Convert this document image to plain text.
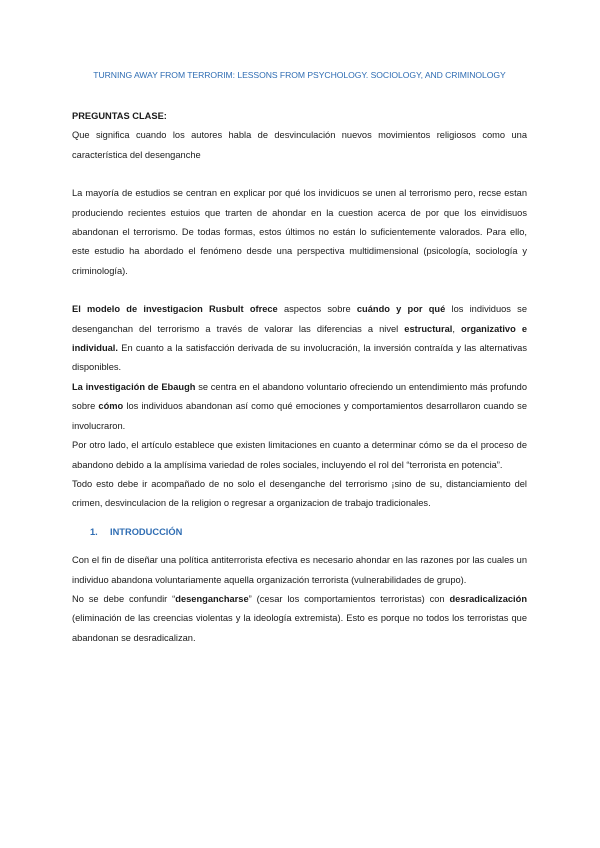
TURNING AWAY FROM TERRORIM: LESSONS FROM PSYCHOLOGY. SOCIOLOGY, AND CRIMINOLOGY
PREGUNTAS CLASE:

Que significa cuando los autores habla de desvinculación nuevos movimientos religiosos como una característica del desenganche

La mayoría de estudios se centran en explicar por qué los invidicuos se unen al terrorismo pero, recse estan produciendo recientes estuios que trarten de ahondar en la cuestion acerca de por que los einvidisuos abandonan el terrorismo. De todas formas, estos últimos no están lo suficientemente valorados. Para ello, este estudio ha abordado el fenómeno desde una perspectiva multidimensional (psicología, sociología y criminología).

El modelo de investigacion Rusbult ofrece aspectos sobre cuándo y por qué los individuos se desenganchan del terrorismo a través de valorar las diferencias a nivel estructural, organizativo e individual. En cuanto a la satisfacción derivada de su involucración, la inversión contraída y las alternativas disponibles.

La investigación de Ebaugh se centra en el abandono voluntario ofreciendo un entendimiento más profundo sobre cómo los individuos abandonan así como qué emociones y comportamientos desarrollaron cuando se involucraron.

Por otro lado, el artículo establece que existen limitaciones en cuanto a determinar cómo se da el proceso de abandono debido a la amplísima variedad de roles sociales, incluyendo el rol del “terrorista en potencia”.

Todo esto debe ir acompañado de no solo el desenganche del terrorismo ¡sino de su, distanciamiento del crimen, desvinculacion de la religion o regresar a organizacion de trabajo tradicionales.

1. INTRODUCCIÓN

Con el fin de diseñar una política antiterrorista efectiva es necesario ahondar en las razones por las cuales un individuo abandona voluntariamente aquella organización terrorista (vulnerabilidades de grupo).

No se debe confundir “desengancharse” (cesar los comportamientos terroristas) con desradicalización (eliminación de las creencias violentas y la ideología extremista). Esto es porque no todos los terroristas que abandonan se desradicalizan.
